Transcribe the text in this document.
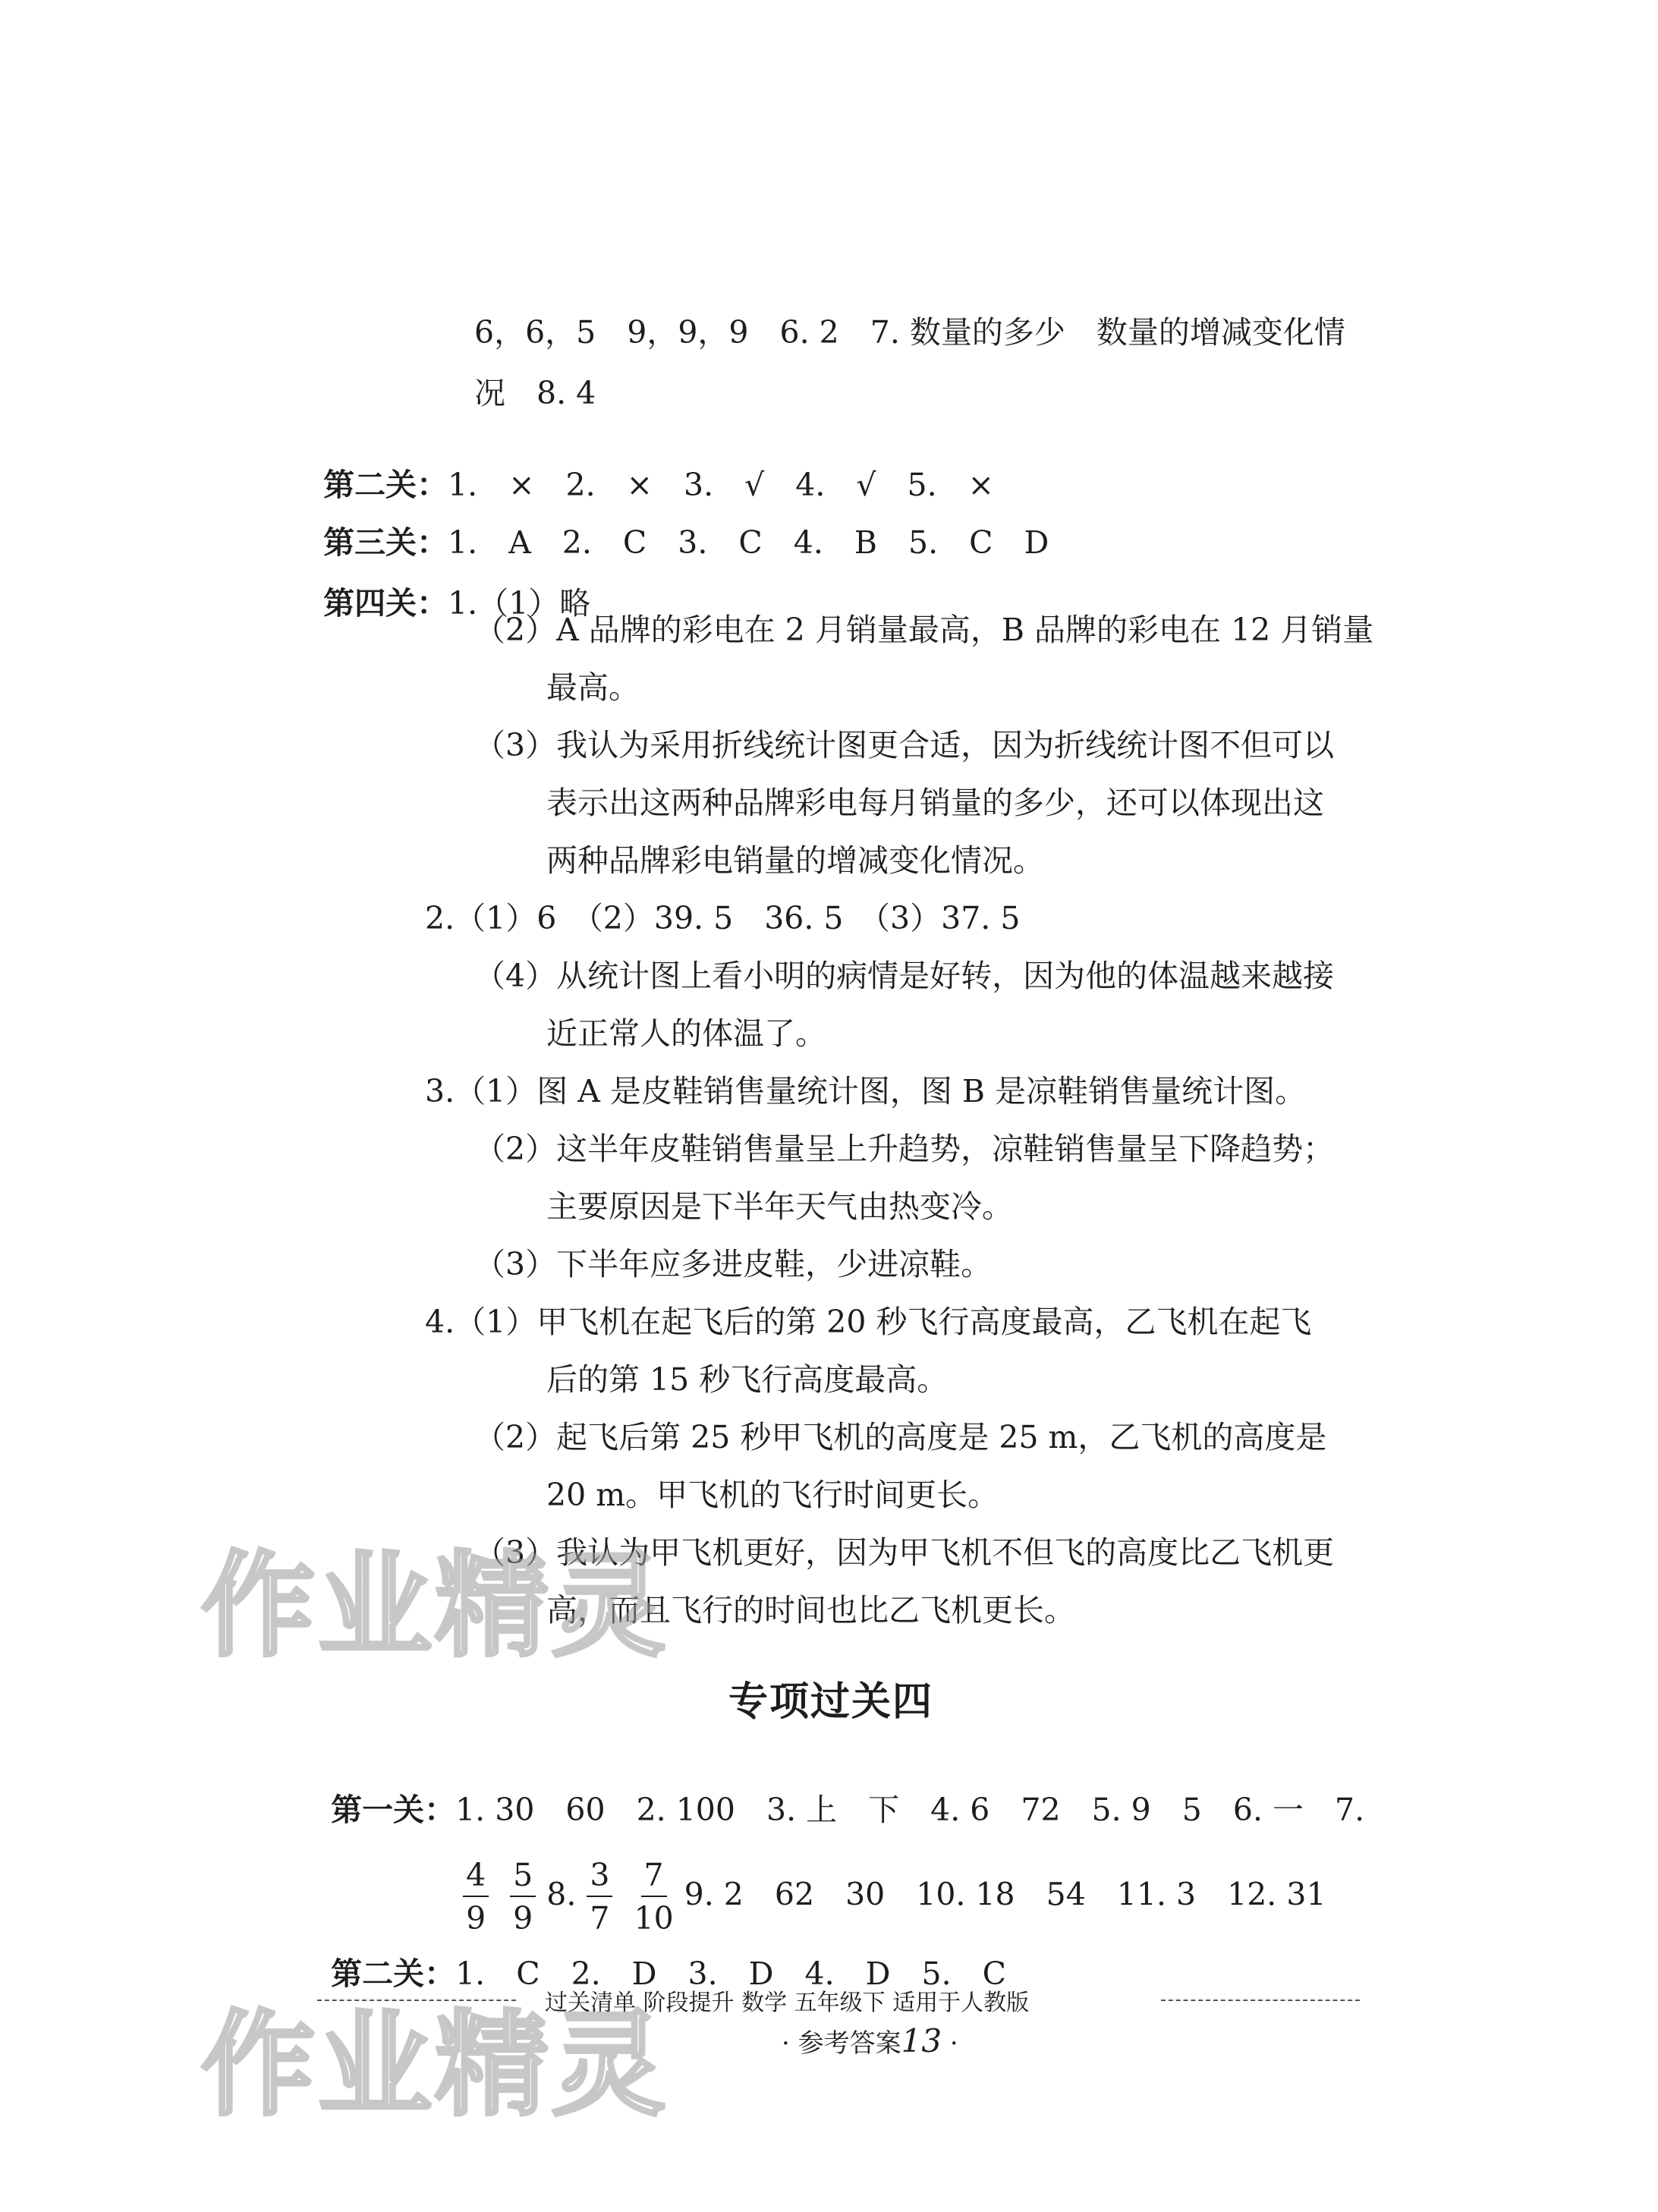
6，6，5　9，9，9　6. 2　7. 数量的多少　数量的增减变化情
况　8. 4

第二关：1.　×　2.　×　3.　√　4.　√　5.　×

第三关：1.　A　2.　C　3.　C　4.　B　5.　C　D

第四关：1.（1）略

（2）A 品牌的彩电在 2 月销量最高，B 品牌的彩电在 12 月销量
最高。
（3）我认为采用折线统计图更合适，因为折线统计图不但可以
表示出这两种品牌彩电每月销量的多少，还可以体现出这
两种品牌彩电销量的增减变化情况。
2.（1）6　（2）39. 5　36. 5　（3）37. 5
（4）从统计图上看小明的病情是好转，因为他的体温越来越接
近正常人的体温了。
3.（1）图 A 是皮鞋销售量统计图，图 B 是凉鞋销售量统计图。
（2）这半年皮鞋销售量呈上升趋势，凉鞋销售量呈下降趋势；
主要原因是下半年天气由热变冷。
（3）下半年应多进皮鞋，少进凉鞋。
4.（1）甲飞机在起飞后的第 20 秒飞行高度最高，乙飞机在起飞
后的第 15 秒飞行高度最高。
（2）起飞后第 25 秒甲飞机的高度是 25 m，乙飞机的高度是
20 m。甲飞机的飞行时间更长。
（3）我认为甲飞机更好，因为甲飞机不但飞的高度比乙飞机更
高，而且飞行的时间也比乙飞机更长。
专项过关四

第一关：1. 30　60　2. 100　3. 上　下　4. 6　72　5. 9　5　6. 一　7.

$\frac{4}{9} \frac{5}{9} 8$. $\frac{3}{7} \frac{7}{10} 9$. 2　62　30　10. 18　54　11. 3　12. 31

第二关：1.　C　2.　D　3.　D　4.　D　5.　C

过关清单 阶段提升 数学 五年级下 适用于人教版
· 参考答案13 ·
作业精灵
作业精灵
